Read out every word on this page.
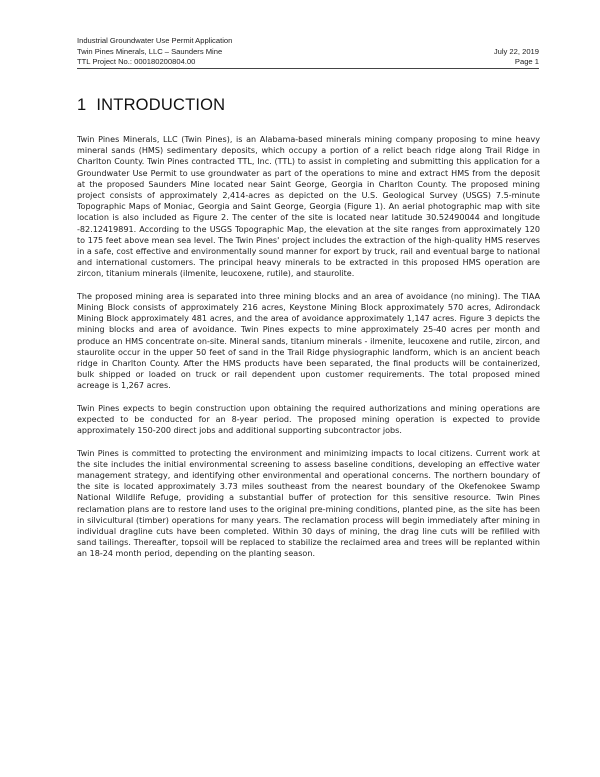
Industrial Groundwater Use Permit Application
Twin Pines Minerals, LLC – Saunders Mine	July 22, 2019
TTL Project No.: 000180200804.00	Page 1
1 INTRODUCTION

Twin Pines Minerals, LLC (Twin Pines), is an Alabama-based minerals mining company proposing to mine heavy mineral sands (HMS) sedimentary deposits, which occupy a portion of a relict beach ridge along Trail Ridge in Charlton County. Twin Pines contracted TTL, Inc. (TTL) to assist in completing and submitting this application for a Groundwater Use Permit to use groundwater as part of the operations to mine and extract HMS from the deposit at the proposed Saunders Mine located near Saint George, Georgia in Charlton County. The proposed mining project consists of approximately 2,414-acres as depicted on the U.S. Geological Survey (USGS) 7.5-minute Topographic Maps of Moniac, Georgia and Saint George, Georgia (Figure 1). An aerial photographic map with site location is also included as Figure 2. The center of the site is located near latitude 30.52490044 and longitude -82.12419891. According to the USGS Topographic Map, the elevation at the site ranges from approximately 120 to 175 feet above mean sea level. The Twin Pines' project includes the extraction of the high-quality HMS reserves in a safe, cost effective and environmentally sound manner for export by truck, rail and eventual barge to national and international customers. The principal heavy minerals to be extracted in this proposed HMS operation are zircon, titanium minerals (ilmenite, leucoxene, rutile), and staurolite.

The proposed mining area is separated into three mining blocks and an area of avoidance (no mining). The TIAA Mining Block consists of approximately 216 acres, Keystone Mining Block approximately 570 acres, Adirondack Mining Block approximately 481 acres, and the area of avoidance approximately 1,147 acres. Figure 3 depicts the mining blocks and area of avoidance. Twin Pines expects to mine approximately 25-40 acres per month and produce an HMS concentrate on-site. Mineral sands, titanium minerals - ilmenite, leucoxene and rutile, zircon, and staurolite occur in the upper 50 feet of sand in the Trail Ridge physiographic landform, which is an ancient beach ridge in Charlton County. After the HMS products have been separated, the final products will be containerized, bulk shipped or loaded on truck or rail dependent upon customer requirements. The total proposed mined acreage is 1,267 acres.

Twin Pines expects to begin construction upon obtaining the required authorizations and mining operations are expected to be conducted for an 8-year period. The proposed mining operation is expected to provide approximately 150-200 direct jobs and additional supporting subcontractor jobs.

Twin Pines is committed to protecting the environment and minimizing impacts to local citizens. Current work at the site includes the initial environmental screening to assess baseline conditions, developing an effective water management strategy, and identifying other environmental and operational concerns. The northern boundary of the site is located approximately 3.73 miles southeast from the nearest boundary of the Okefenokee Swamp National Wildlife Refuge, providing a substantial buffer of protection for this sensitive resource. Twin Pines reclamation plans are to restore land uses to the original pre-mining conditions, planted pine, as the site has been in silvicultural (timber) operations for many years. The reclamation process will begin immediately after mining in individual dragline cuts have been completed. Within 30 days of mining, the drag line cuts will be refilled with sand tailings. Thereafter, topsoil will be replaced to stabilize the reclaimed area and trees will be replanted within an 18-24 month period, depending on the planting season.
